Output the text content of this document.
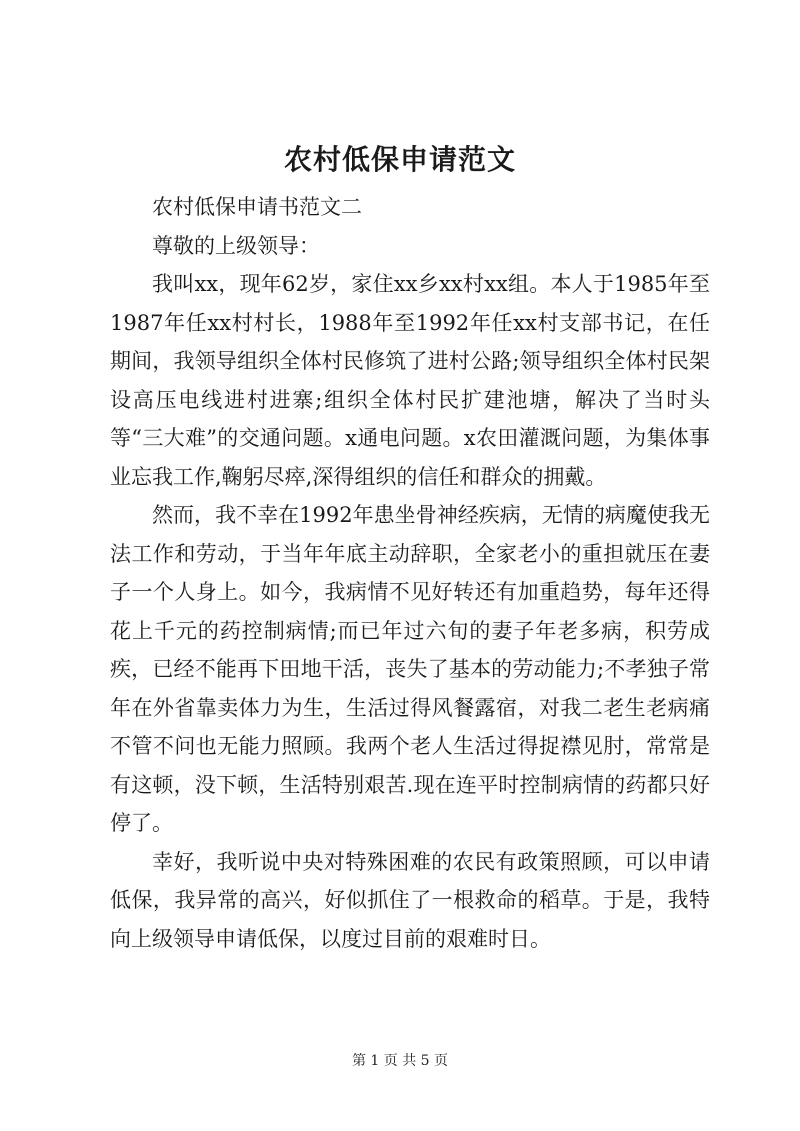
农村低保申请范文

农村低保申请书范文二

尊敬的上级领导：

我叫xx，现年62岁，家住xx乡xx村xx组。本人于1985年至1987年任xx村村长，1988年至1992年任xx村支部书记，在任期间，我领导组织全体村民修筑了进村公路;领导组织全体村民架设高压电线进村进寨;组织全体村民扩建池塘，解决了当时头等“三大难”的交通问题。x通电问题。x农田灌溉问题，为集体事业忘我工作,鞠躬尽瘁,深得组织的信任和群众的拥戴。

然而，我不幸在1992年患坐骨神经疾病，无情的病魔使我无法工作和劳动，于当年年底主动辞职，全家老小的重担就压在妻子一个人身上。如今，我病情不见好转还有加重趋势，每年还得花上千元的药控制病情;而已年过六旬的妻子年老多病，积劳成疾，已经不能再下田地干活，丧失了基本的劳动能力;不孝独子常年在外省靠卖体力为生，生活过得风餐露宿，对我二老生老病痛不管不问也无能力照顾。我两个老人生活过得捉襟见肘，常常是有这顿，没下顿，生活特别艰苦.现在连平时控制病情的药都只好停了。

幸好，我听说中央对特殊困难的农民有政策照顾，可以申请低保，我异常的高兴，好似抓住了一根救命的稻草。于是，我特向上级领导申请低保，以度过目前的艰难时日。

第 1 页 共 5 页
